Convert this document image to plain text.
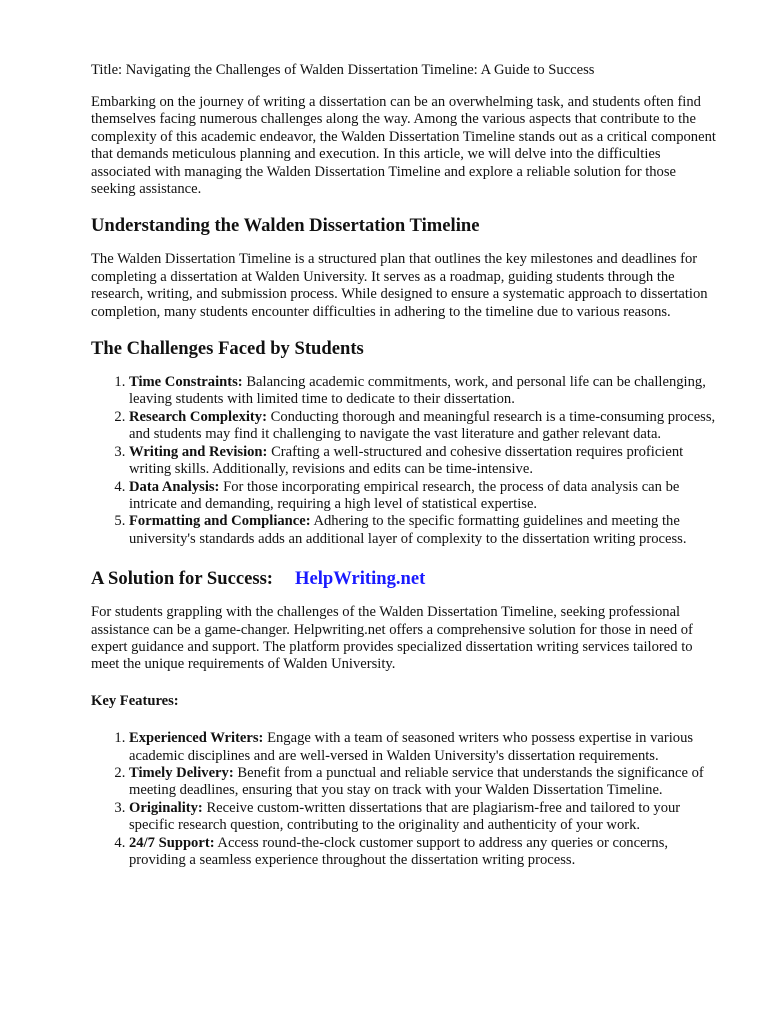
Title: Navigating the Challenges of Walden Dissertation Timeline: A Guide to Success

Embarking on the journey of writing a dissertation can be an overwhelming task, and students often find themselves facing numerous challenges along the way. Among the various aspects that contribute to the complexity of this academic endeavor, the Walden Dissertation Timeline stands out as a critical component that demands meticulous planning and execution. In this article, we will delve into the difficulties associated with managing the Walden Dissertation Timeline and explore a reliable solution for those seeking assistance.

Understanding the Walden Dissertation Timeline

The Walden Dissertation Timeline is a structured plan that outlines the key milestones and deadlines for completing a dissertation at Walden University. It serves as a roadmap, guiding students through the research, writing, and submission process. While designed to ensure a systematic approach to dissertation completion, many students encounter difficulties in adhering to the timeline due to various reasons.

The Challenges Faced by Students
1. Time Constraints: Balancing academic commitments, work, and personal life can be challenging, leaving students with limited time to dedicate to their dissertation.
2. Research Complexity: Conducting thorough and meaningful research is a time-consuming process, and students may find it challenging to navigate the vast literature and gather relevant data.
3. Writing and Revision: Crafting a well-structured and cohesive dissertation requires proficient writing skills. Additionally, revisions and edits can be time-intensive.
4. Data Analysis: For those incorporating empirical research, the process of data analysis can be intricate and demanding, requiring a high level of statistical expertise.
5. Formatting and Compliance: Adhering to the specific formatting guidelines and meeting the university's standards adds an additional layer of complexity to the dissertation writing process.
A Solution for Success: HelpWriting.net

For students grappling with the challenges of the Walden Dissertation Timeline, seeking professional assistance can be a game-changer. Helpwriting.net offers a comprehensive solution for those in need of expert guidance and support. The platform provides specialized dissertation writing services tailored to meet the unique requirements of Walden University.

Key Features:
1. Experienced Writers: Engage with a team of seasoned writers who possess expertise in various academic disciplines and are well-versed in Walden University's dissertation requirements.
2. Timely Delivery: Benefit from a punctual and reliable service that understands the significance of meeting deadlines, ensuring that you stay on track with your Walden Dissertation Timeline.
3. Originality: Receive custom-written dissertations that are plagiarism-free and tailored to your specific research question, contributing to the originality and authenticity of your work.
4. 24/7 Support: Access round-the-clock customer support to address any queries or concerns, providing a seamless experience throughout the dissertation writing process.
